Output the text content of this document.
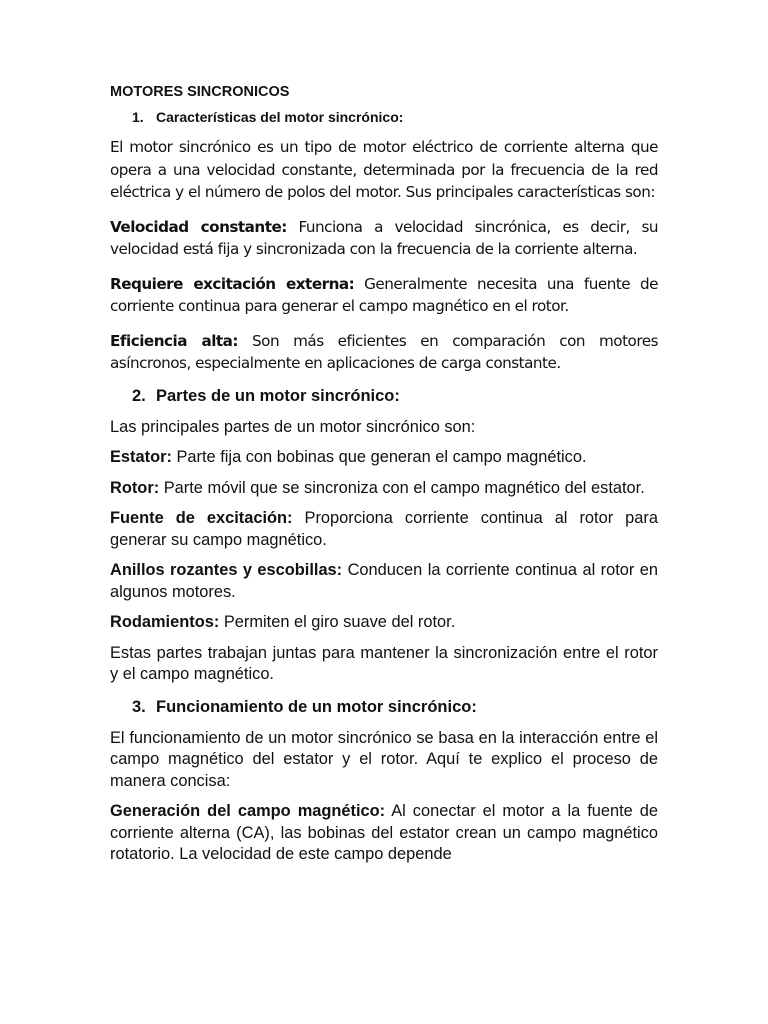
MOTORES SINCRONICOS
1. Características del motor sincrónico:

El motor sincrónico es un tipo de motor eléctrico de corriente alterna que opera a una velocidad constante, determinada por la frecuencia de la red eléctrica y el número de polos del motor. Sus principales características son:

Velocidad constante: Funciona a velocidad sincrónica, es decir, su velocidad está fija y sincronizada con la frecuencia de la corriente alterna.

Requiere excitación externa: Generalmente necesita una fuente de corriente continua para generar el campo magnético en el rotor.

Eficiencia alta: Son más eficientes en comparación con motores asíncronos, especialmente en aplicaciones de carga constante.

2. Partes de un motor sincrónico:

Las principales partes de un motor sincrónico son:

Estator: Parte fija con bobinas que generan el campo magnético.

Rotor: Parte móvil que se sincroniza con el campo magnético del estator.

Fuente de excitación: Proporciona corriente continua al rotor para generar su campo magnético.

Anillos rozantes y escobillas: Conducen la corriente continua al rotor en algunos motores.

Rodamientos: Permiten el giro suave del rotor.

Estas partes trabajan juntas para mantener la sincronización entre el rotor y el campo magnético.

3. Funcionamiento de un motor sincrónico:

El funcionamiento de un motor sincrónico se basa en la interacción entre el campo magnético del estator y el rotor. Aquí te explico el proceso de manera concisa:

Generación del campo magnético: Al conectar el motor a la fuente de corriente alterna (CA), las bobinas del estator crean un campo magnético rotatorio. La velocidad de este campo depende
